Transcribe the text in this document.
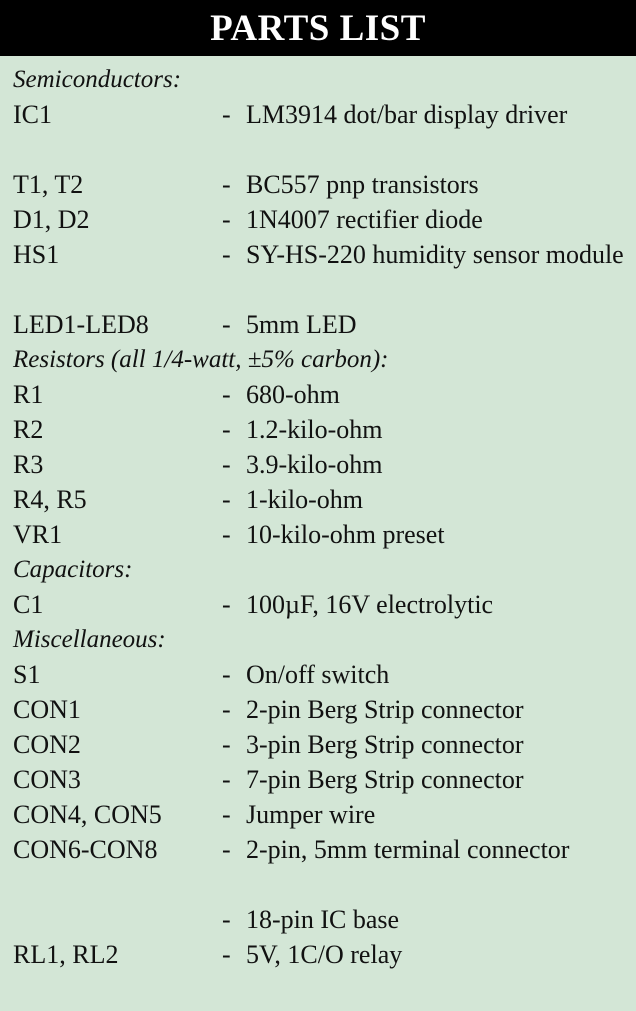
PARTS LIST
Semiconductors:
IC1	- LM3914 dot/bar display driver
T1, T2	- BC557 pnp transistors
D1, D2	- 1N4007 rectifier diode
HS1	- SY-HS-220 humidity sensor module
LED1-LED8	- 5mm LED
Resistors (all 1/4-watt, ±5% carbon):
R1	- 680-ohm
R2	- 1.2-kilo-ohm
R3	- 3.9-kilo-ohm
R4, R5	- 1-kilo-ohm
VR1	- 10-kilo-ohm preset
Capacitors:
C1	- 100µF, 16V electrolytic
Miscellaneous:
S1	- On/off switch
CON1	- 2-pin Berg Strip connector
CON2	- 3-pin Berg Strip connector
CON3	- 7-pin Berg Strip connector
CON4, CON5 - Jumper wire
CON6-CON8 - 2-pin, 5mm terminal connector
- 18-pin IC base
RL1, RL2	- 5V, 1C/O relay
